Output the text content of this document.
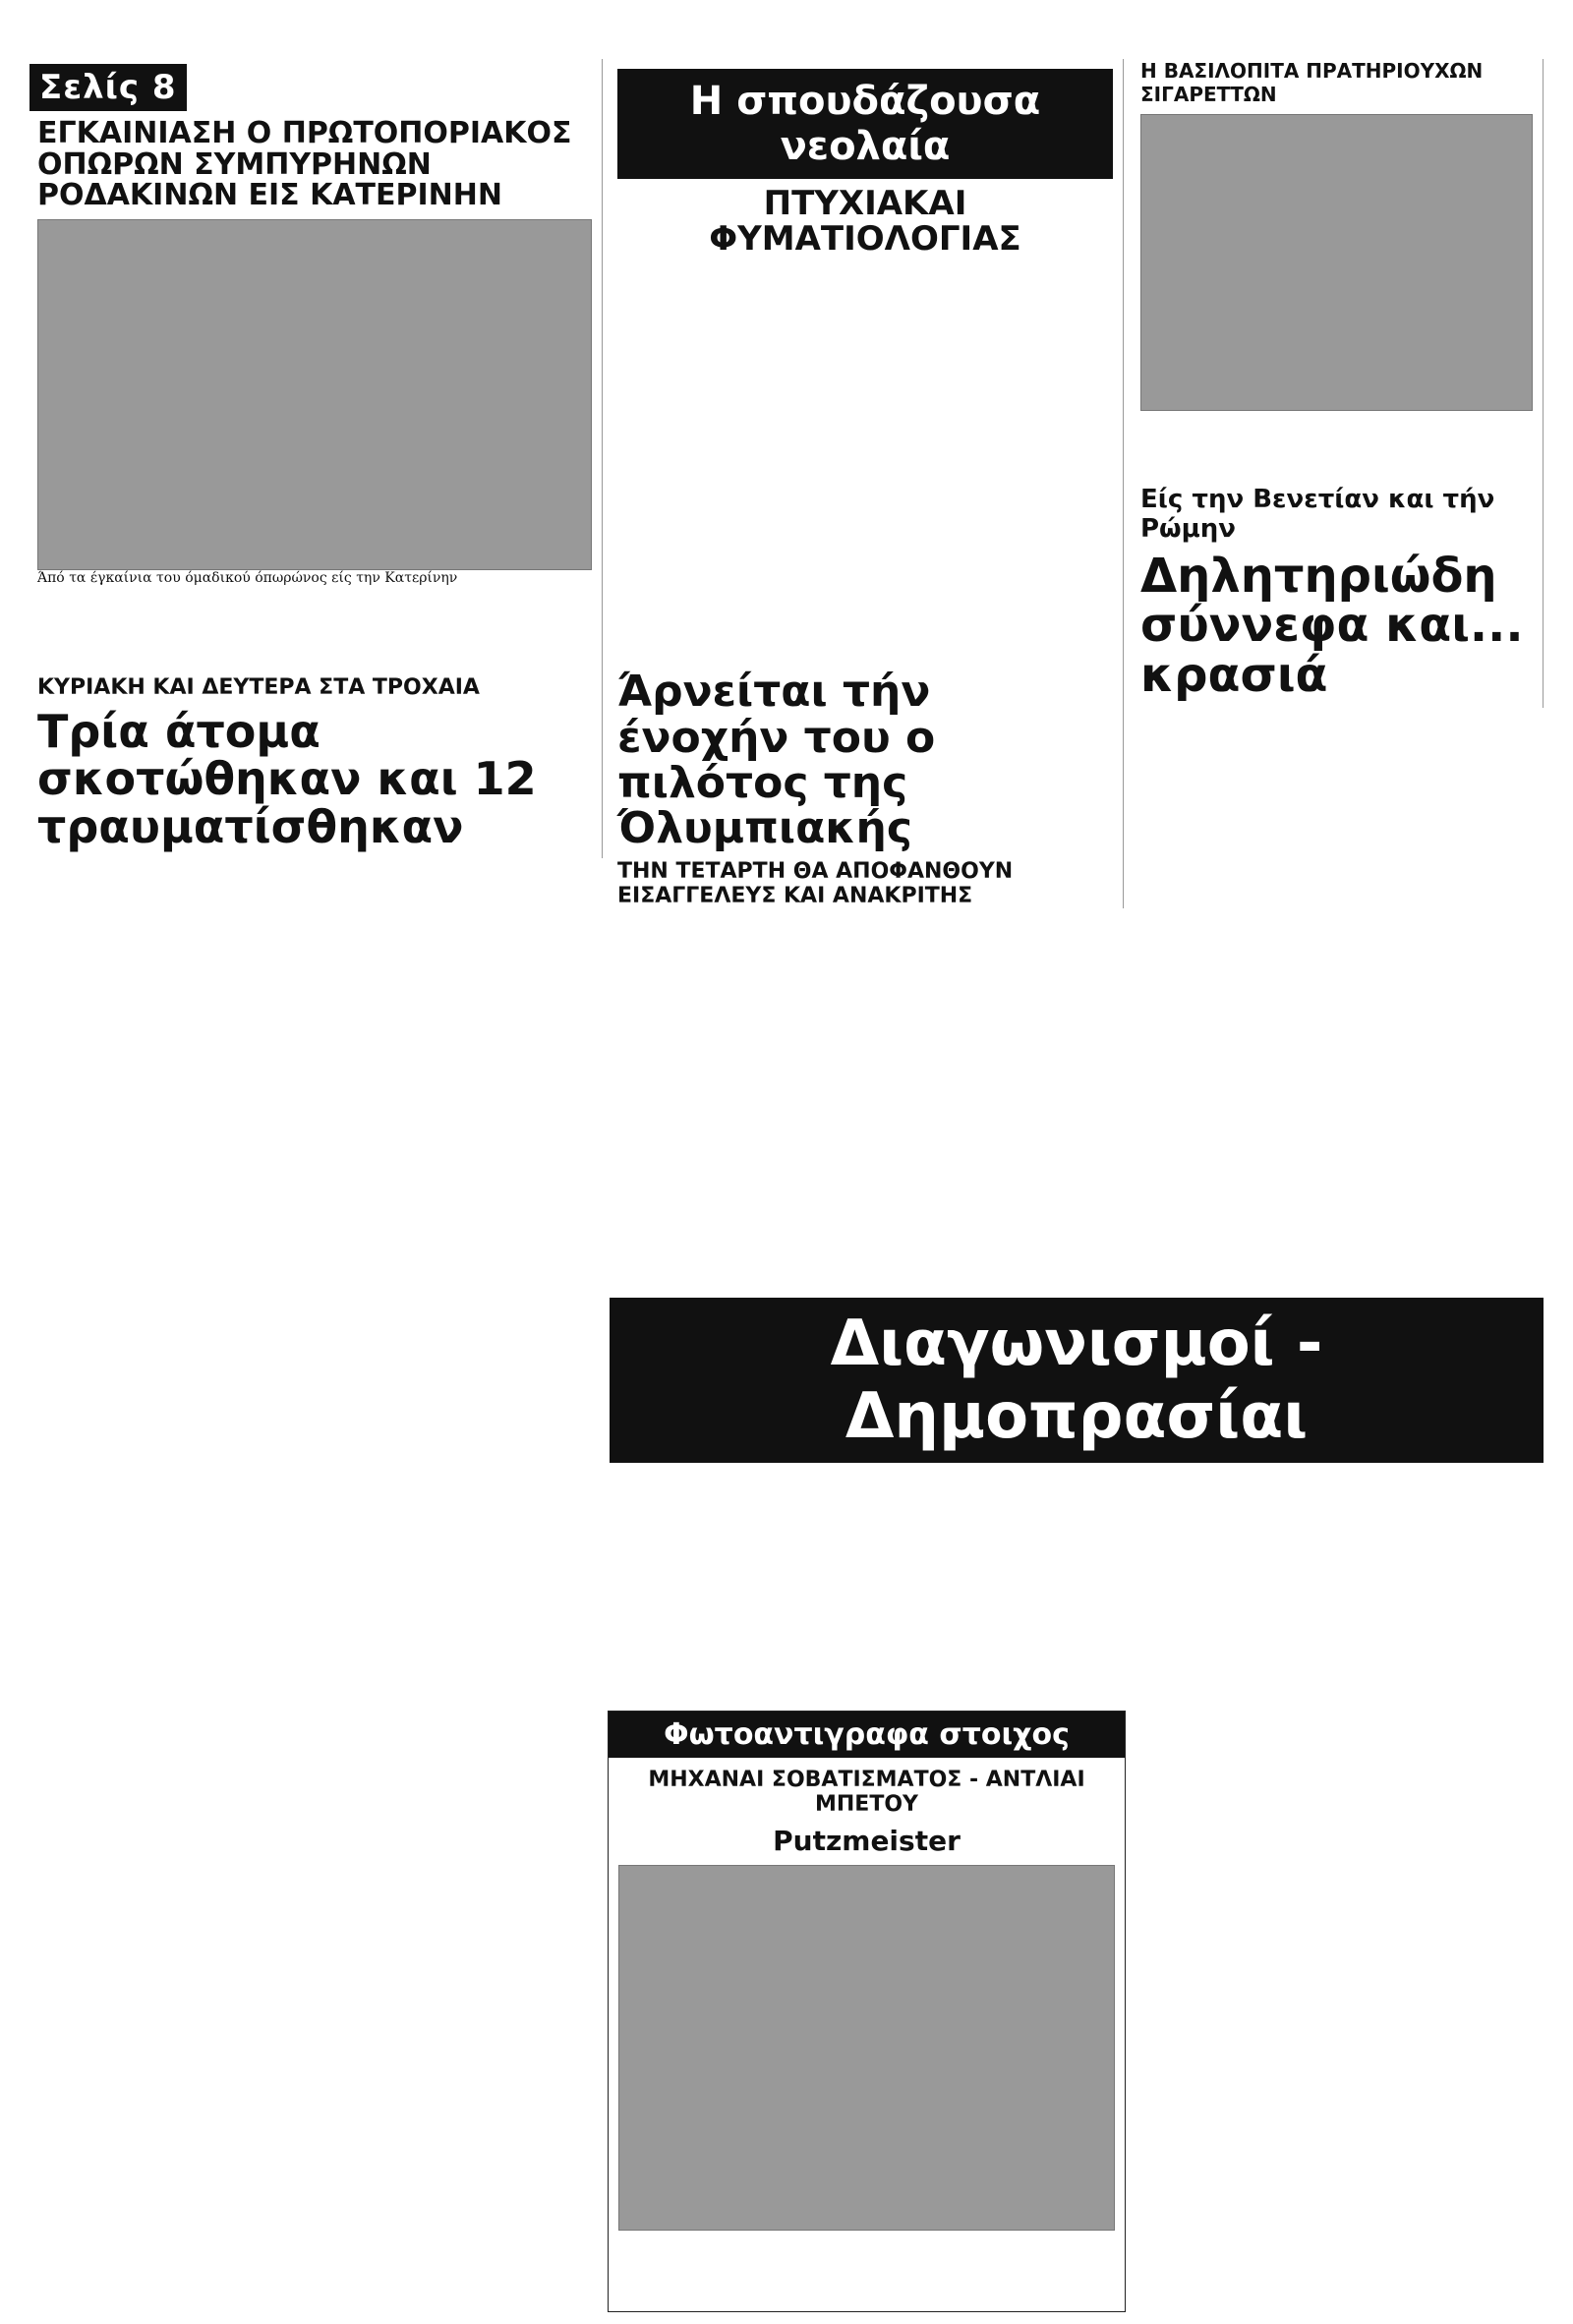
Σελίς 8
ΕΓΚΑΙΝΙΑΣΗ Ο ΠΡΩΤΟΠΟΡΙΑΚΟΣ ΟΠΩΡΩΝ ΣΥΜΠΥΡΗΝΩΝ ΡΟΔΑΚΙΝΩΝ ΕΙΣ ΚΑΤΕΡΙΝΗΝ
Άπό τα έγκαίνια του όμαδικού όπωρώνος είς την Κατερίνην
ΚΥΡΙΑΚΗ ΚΑΙ ΔΕΥΤΕΡΑ ΣΤΑ ΤΡΟΧΑΙΑ
Τρία άτομα σκοτώθηκαν και 12 τραυματίσθηκαν
Η σπουδάζουσα νεολαία
ΠΤΥΧΙΑΚΑΙ ΦΥΜΑΤΙΟΛΟΓΙΑΣ
Άρνείται τήν ένοχήν του ο πιλότος της Όλυμπιακής
ΤΗΝ ΤΕΤΑΡΤΗ ΘΑ ΑΠΟΦΑΝΘΟΥΝ ΕΙΣΑΓΓΕΛΕΥΣ ΚΑΙ ΑΝΑΚΡΙΤΗΣ
Η ΒΑΣΙΛΟΠΙΤΑ ΠΡΑΤΗΡΙΟΥΧΩΝ ΣΙΓΑΡΕΤΤΩΝ
Είς την Βενετίαν και τήν Ρώμην
Δηλητηριώδη σύννεφα και... κρασιά
Διαγωνισμοί - Δημοπρασίαι
Φωτοαντιγραφα στοιχος
ΜΗΧΑΝΑΙ ΣΟΒΑΤΙΣΜΑΤΟΣ - ΑΝΤΛΙΑΙ ΜΠΕΤΟΥ
Putzmeister
